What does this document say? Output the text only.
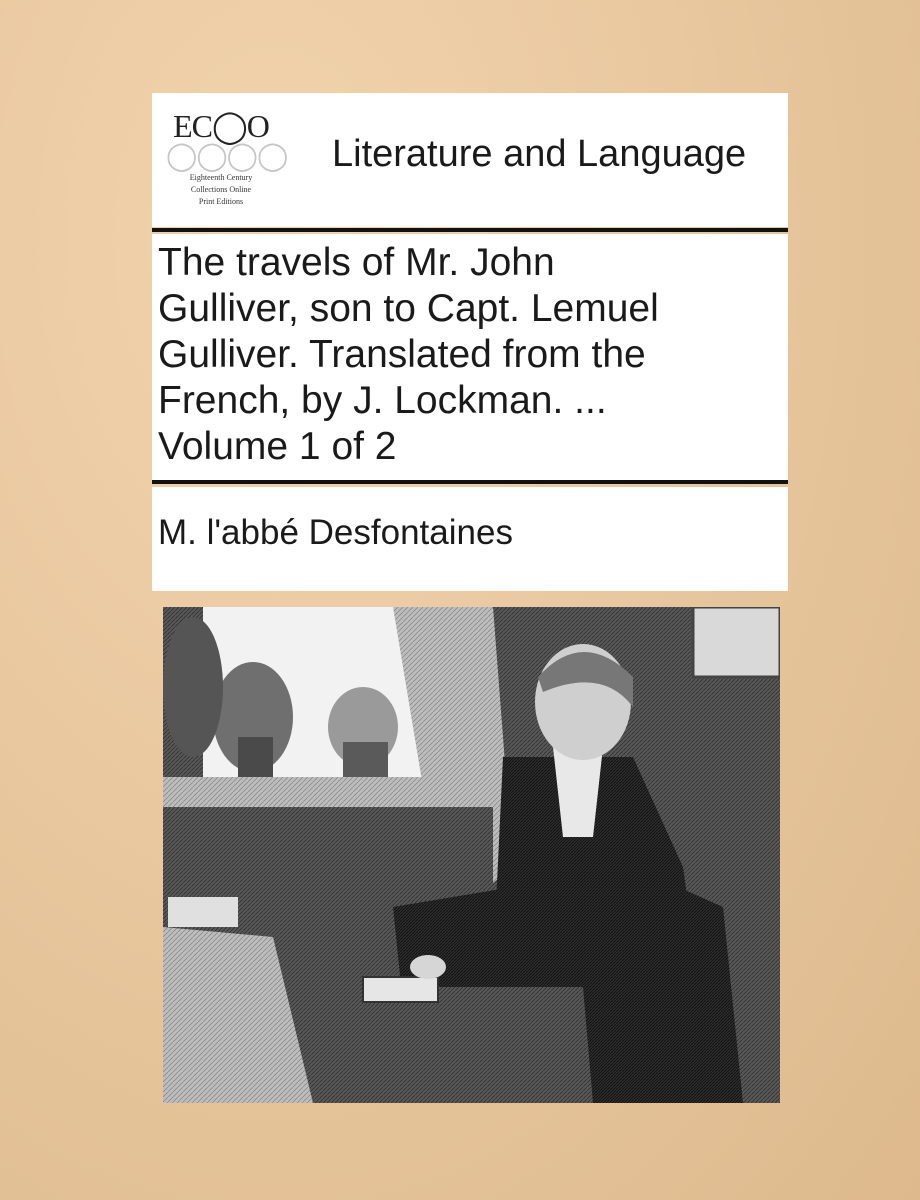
EC◯O
◯◯◯◯
Eighteenth Century
Collections Online
Print Editions
Literature and Language
The travels of Mr. John
Gulliver, son to Capt. Lemuel
Gulliver. Translated from the
French, by J. Lockman. ...
Volume 1 of 2
M. l'abbé Desfontaines
